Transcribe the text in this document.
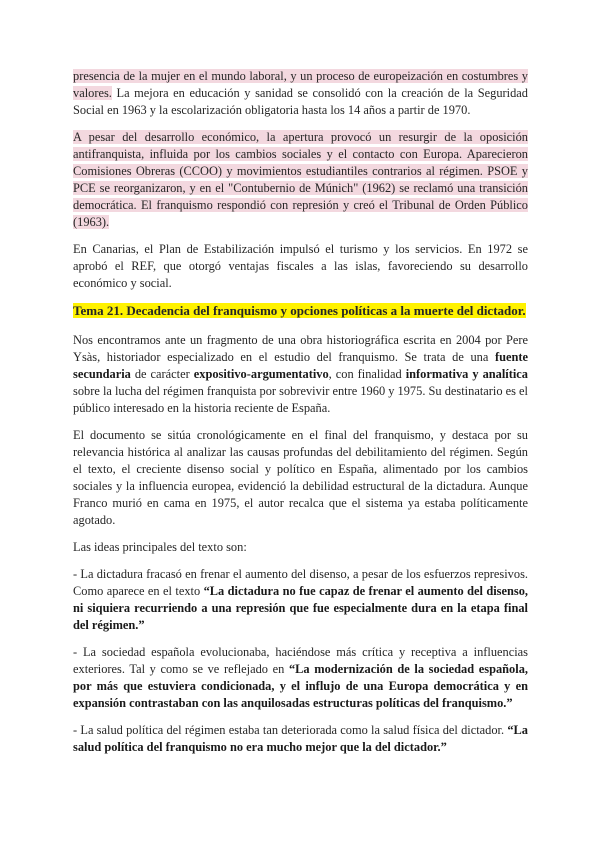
presencia de la mujer en el mundo laboral, y un proceso de europeización en costumbres y valores. La mejora en educación y sanidad se consolidó con la creación de la Seguridad Social en 1963 y la escolarización obligatoria hasta los 14 años a partir de 1970.

A pesar del desarrollo económico, la apertura provocó un resurgir de la oposición antifranquista, influida por los cambios sociales y el contacto con Europa. Aparecieron Comisiones Obreras (CCOO) y movimientos estudiantiles contrarios al régimen. PSOE y PCE se reorganizaron, y en el "Contubernio de Múnich" (1962) se reclamó una transición democrática. El franquismo respondió con represión y creó el Tribunal de Orden Público (1963).

En Canarias, el Plan de Estabilización impulsó el turismo y los servicios. En 1972 se aprobó el REF, que otorgó ventajas fiscales a las islas, favoreciendo su desarrollo económico y social.

Tema 21. Decadencia del franquismo y opciones políticas a la muerte del dictador.

Nos encontramos ante un fragmento de una obra historiográfica escrita en 2004 por Pere Ysàs, historiador especializado en el estudio del franquismo. Se trata de una fuente secundaria de carácter expositivo-argumentativo, con finalidad informativa y analítica sobre la lucha del régimen franquista por sobrevivir entre 1960 y 1975. Su destinatario es el público interesado en la historia reciente de España.

El documento se sitúa cronológicamente en el final del franquismo, y destaca por su relevancia histórica al analizar las causas profundas del debilitamiento del régimen. Según el texto, el creciente disenso social y político en España, alimentado por los cambios sociales y la influencia europea, evidenció la debilidad estructural de la dictadura. Aunque Franco murió en cama en 1975, el autor recalca que el sistema ya estaba políticamente agotado.

Las ideas principales del texto son:

- La dictadura fracasó en frenar el aumento del disenso, a pesar de los esfuerzos represivos. Como aparece en el texto “La dictadura no fue capaz de frenar el aumento del disenso, ni siquiera recurriendo a una represión que fue especialmente dura en la etapa final del régimen.”

- La sociedad española evolucionaba, haciéndose más crítica y receptiva a influencias exteriores. Tal y como se ve reflejado en “La modernización de la sociedad española, por más que estuviera condicionada, y el influjo de una Europa democrática y en expansión contrastaban con las anquilosadas estructuras políticas del franquismo.”

- La salud política del régimen estaba tan deteriorada como la salud física del dictador. “La salud política del franquismo no era mucho mejor que la del dictador.”
